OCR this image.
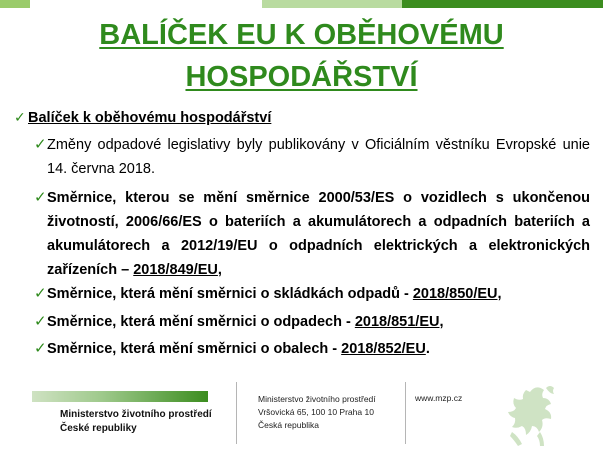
BALÍČEK EU K OBĚHOVÉMU
HOSPODÁŘSTVÍ
✓ Balíček k oběhovému hospodářství
✓ Změny odpadové legislativy byly publikovány v Oficiálním věstníku Evropské unie 14. června 2018.
✓ Směrnice, kterou se mění směrnice 2000/53/ES o vozidlech s ukončenou životností, 2006/66/ES o bateriích a akumulátorech a odpadních bateriích a akumulátorech a 2012/19/EU o odpadních elektrických a elektronických zařízeních – 2018/849/EU,
✓ Směrnice, která mění směrnici o skládkách odpadů - 2018/850/EU,
✓ Směrnice, která mění směrnici o odpadech - 2018/851/EU,
✓ Směrnice, která mění směrnici o obalech - 2018/852/EU.
Ministerstvo životního prostředí
České republiky
Ministerstvo životního prostředí
Vršovická 65, 100 10 Praha 10
Česká republika
www.mzp.cz
